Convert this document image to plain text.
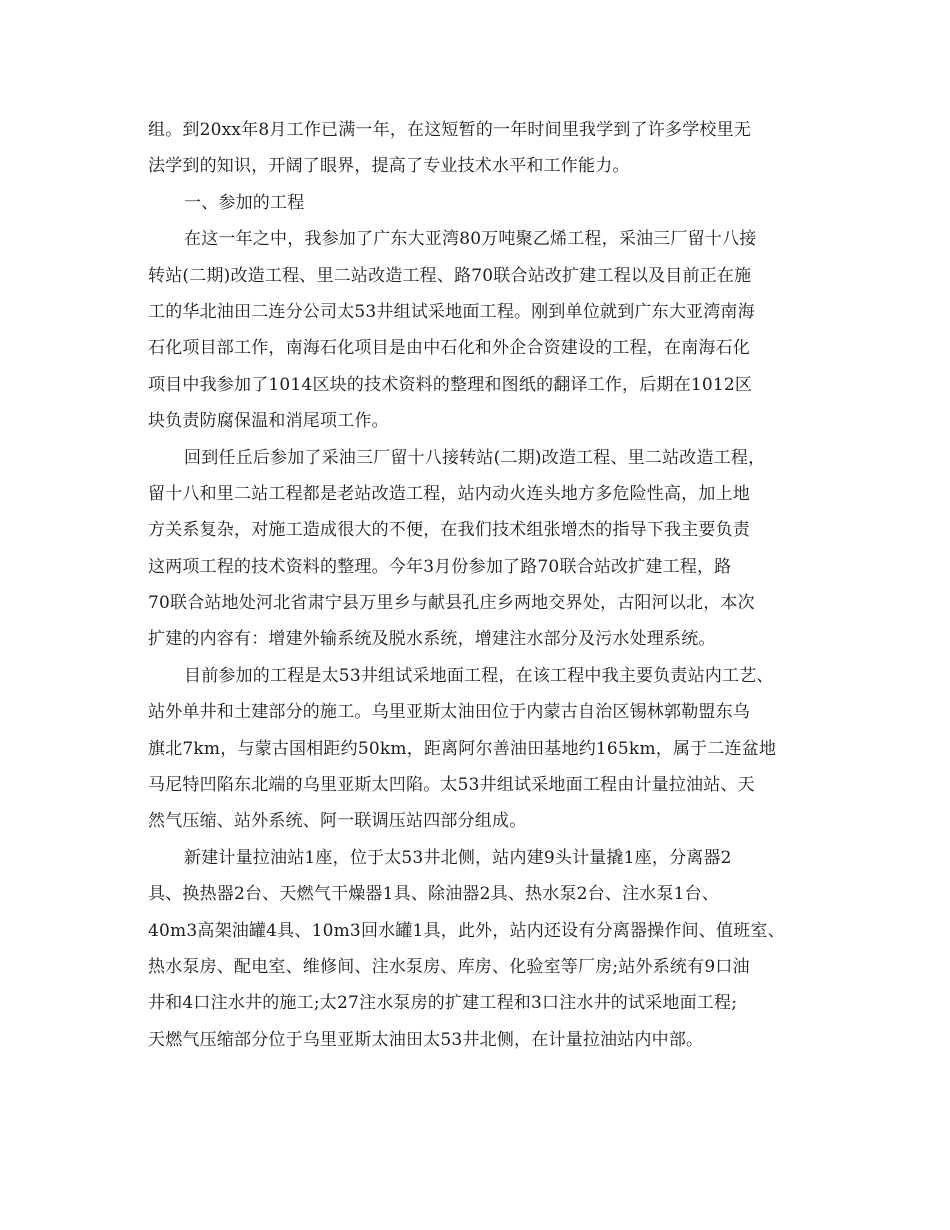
组。到20xx年8月工作已满一年，在这短暂的一年时间里我学到了许多学校里无
法学到的知识，开阔了眼界，提高了专业技术水平和工作能力。
一、参加的工程
在这一年之中，我参加了广东大亚湾80万吨聚乙烯工程，采油三厂留十八接
转站(二期)改造工程、里二站改造工程、路70联合站改扩建工程以及目前正在施
工的华北油田二连分公司太53井组试采地面工程。刚到单位就到广东大亚湾南海
石化项目部工作，南海石化项目是由中石化和外企合资建设的工程，在南海石化
项目中我参加了1014区块的技术资料的整理和图纸的翻译工作，后期在1012区
块负责防腐保温和消尾项工作。
回到任丘后参加了采油三厂留十八接转站(二期)改造工程、里二站改造工程，
留十八和里二站工程都是老站改造工程，站内动火连头地方多危险性高，加上地
方关系复杂，对施工造成很大的不便，在我们技术组张增杰的指导下我主要负责
这两项工程的技术资料的整理。今年3月份参加了路70联合站改扩建工程，路
70联合站地处河北省肃宁县万里乡与献县孔庄乡两地交界处，古阳河以北，本次
扩建的内容有：增建外输系统及脱水系统，增建注水部分及污水处理系统。
目前参加的工程是太53井组试采地面工程，在该工程中我主要负责站内工艺、
站外单井和土建部分的施工。乌里亚斯太油田位于内蒙古自治区锡林郭勒盟东乌
旗北7km，与蒙古国相距约50km，距离阿尔善油田基地约165km，属于二连盆地
马尼特凹陷东北端的乌里亚斯太凹陷。太53井组试采地面工程由计量拉油站、天
然气压缩、站外系统、阿一联调压站四部分组成。
新建计量拉油站1座，位于太53井北侧，站内建9头计量撬1座，分离器2
具、换热器2台、天燃气干燥器1具、除油器2具、热水泵2台、注水泵1台、
40m3高架油罐4具、10m3回水罐1具，此外，站内还设有分离器操作间、值班室、
热水泵房、配电室、维修间、注水泵房、库房、化验室等厂房;站外系统有9口油
井和4口注水井的施工;太27注水泵房的扩建工程和3口注水井的试采地面工程;
天燃气压缩部分位于乌里亚斯太油田太53井北侧，在计量拉油站内中部。
